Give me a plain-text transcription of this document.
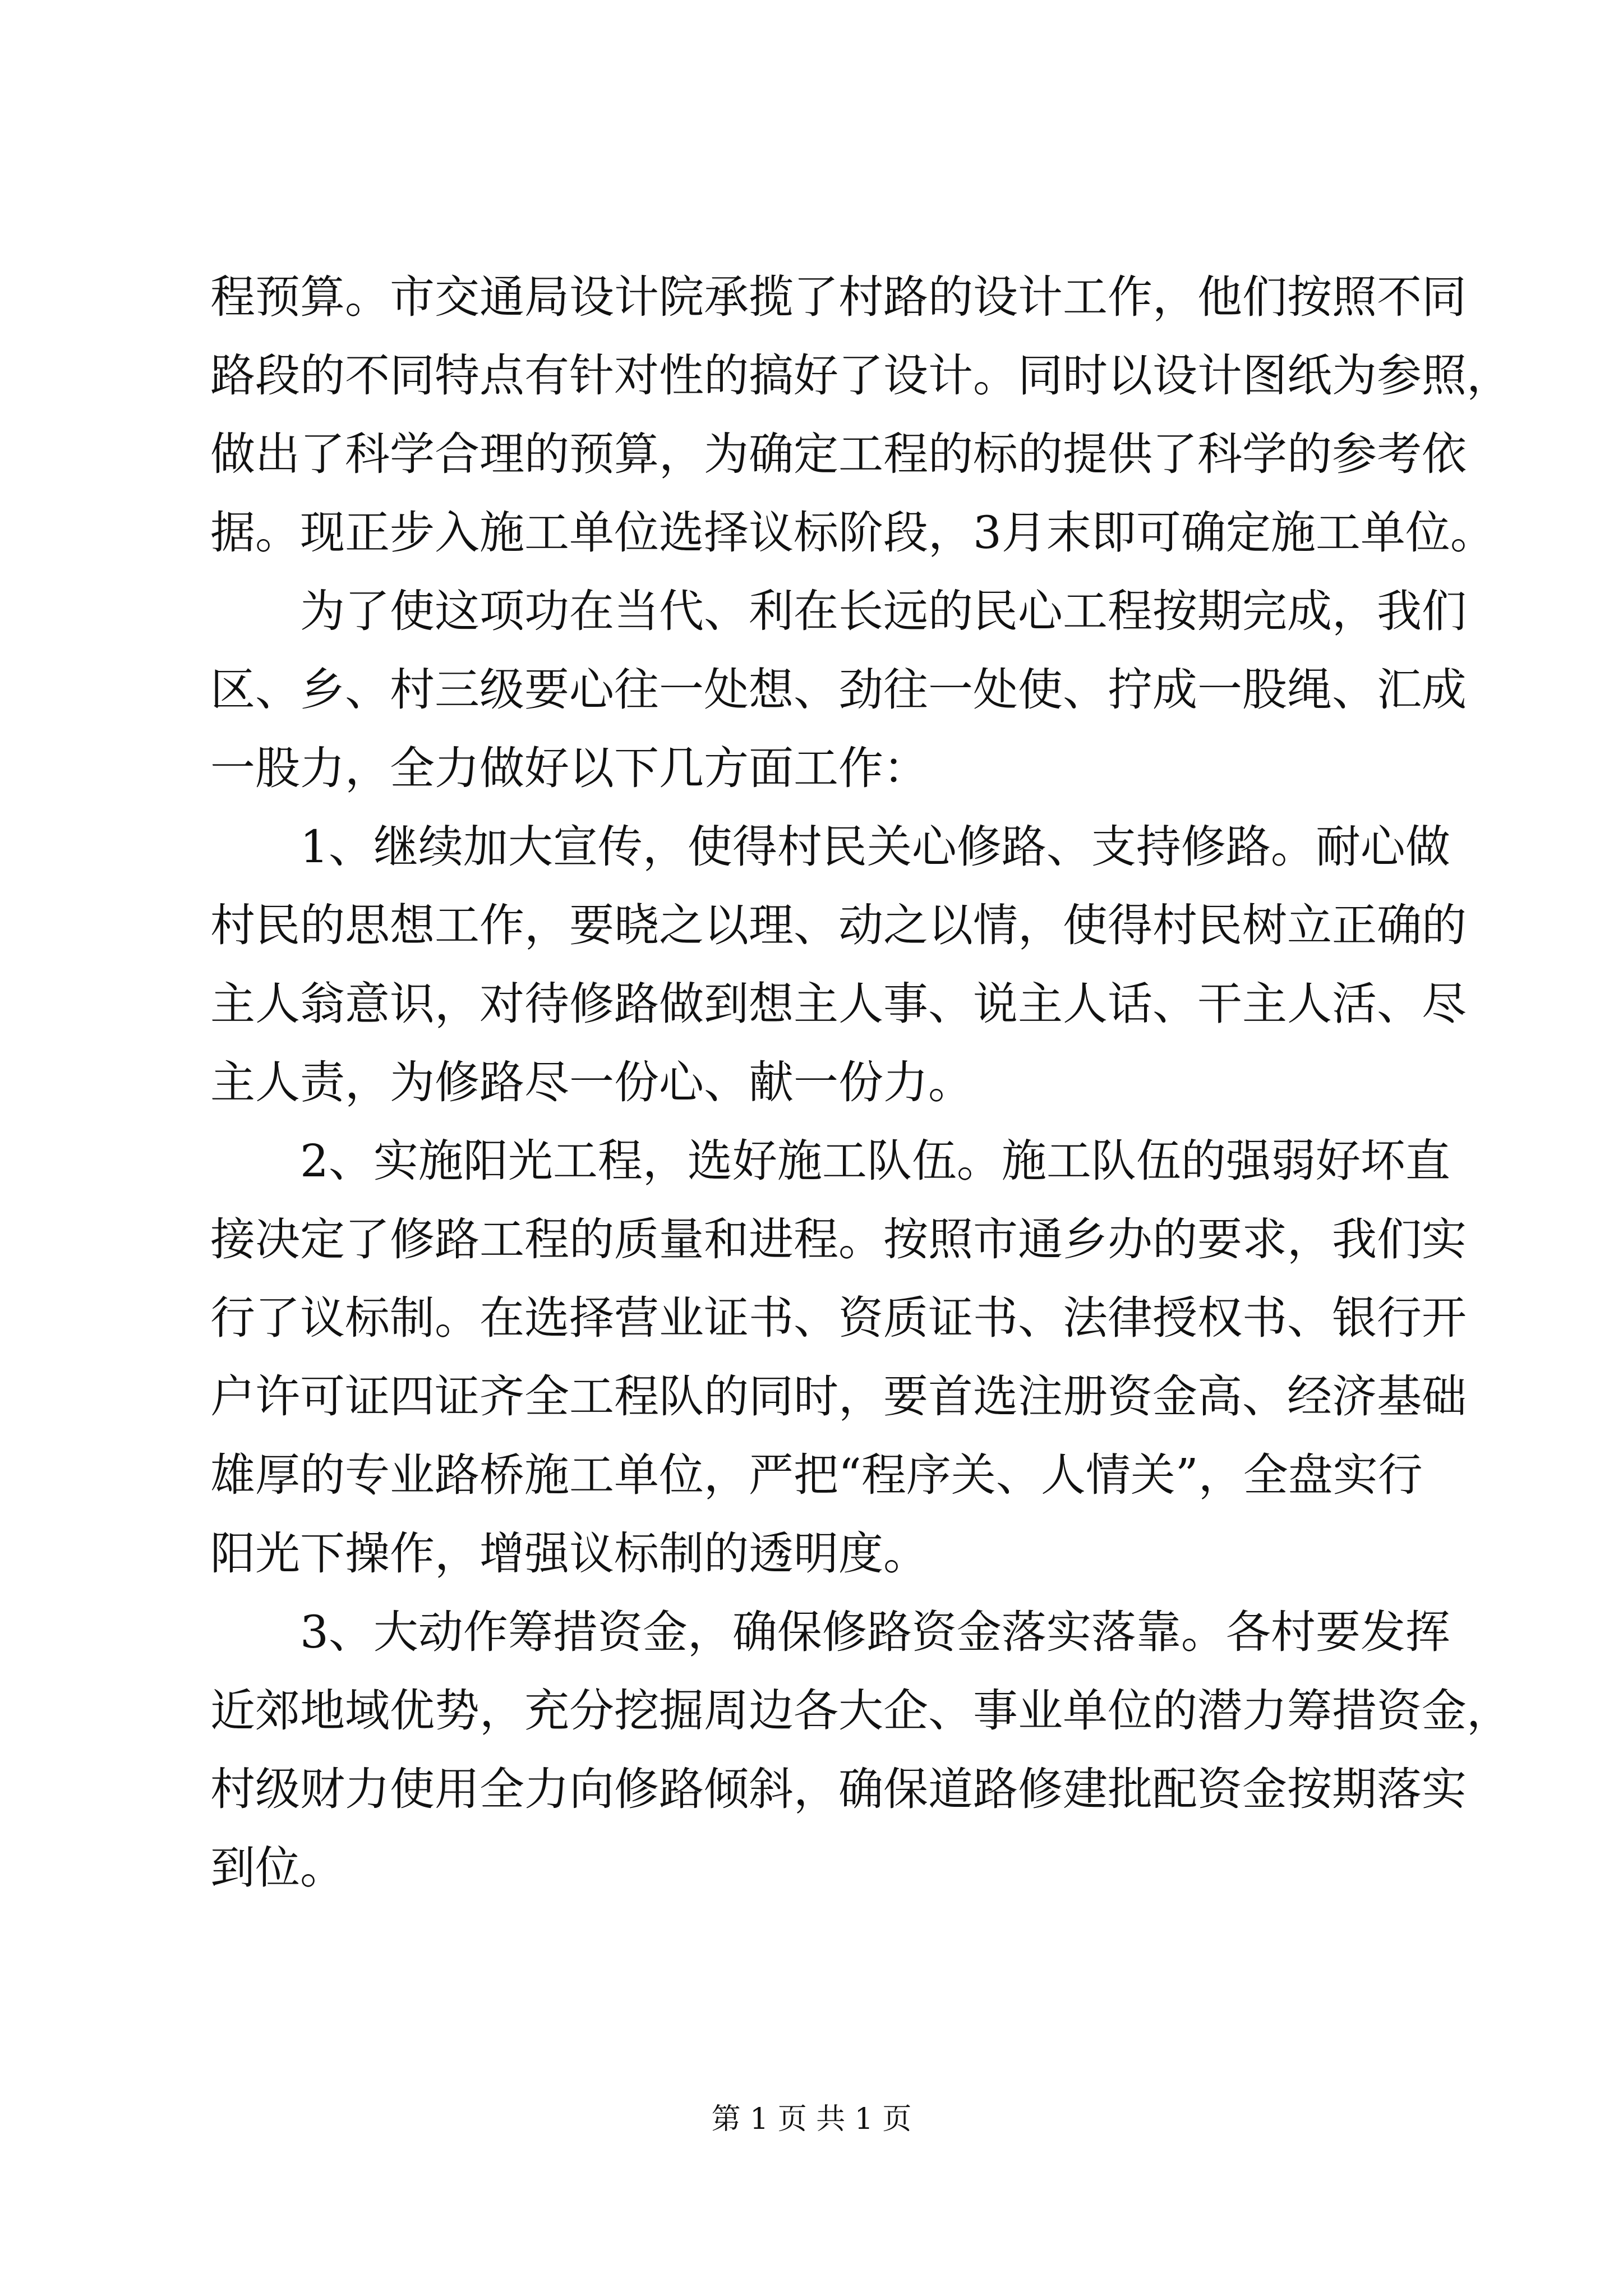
程预算。市交通局设计院承揽了村路的设计工作，他们按照不同
路段的不同特点有针对性的搞好了设计。同时以设计图纸为参照，
做出了科学合理的预算，为确定工程的标的提供了科学的参考依
据。现正步入施工单位选择议标阶段，3月末即可确定施工单位。
为了使这项功在当代、利在长远的民心工程按期完成，我们
区、乡、村三级要心往一处想、劲往一处使、拧成一股绳、汇成
一股力，全力做好以下几方面工作：
1、继续加大宣传，使得村民关心修路、支持修路。耐心做
村民的思想工作，要晓之以理、动之以情，使得村民树立正确的
主人翁意识，对待修路做到想主人事、说主人话、干主人活、尽
主人责，为修路尽一份心、献一份力。
2、实施阳光工程，选好施工队伍。施工队伍的强弱好坏直
接决定了修路工程的质量和进程。按照市通乡办的要求，我们实
行了议标制。在选择营业证书、资质证书、法律授权书、银行开
户许可证四证齐全工程队的同时，要首选注册资金高、经济基础
雄厚的专业路桥施工单位，严把“程序关、人情关”，全盘实行
阳光下操作，增强议标制的透明度。
3、大动作筹措资金，确保修路资金落实落靠。各村要发挥
近郊地域优势，充分挖掘周边各大企、事业单位的潜力筹措资金，
村级财力使用全力向修路倾斜，确保道路修建批配资金按期落实
到位。
第 1 页 共 1 页
